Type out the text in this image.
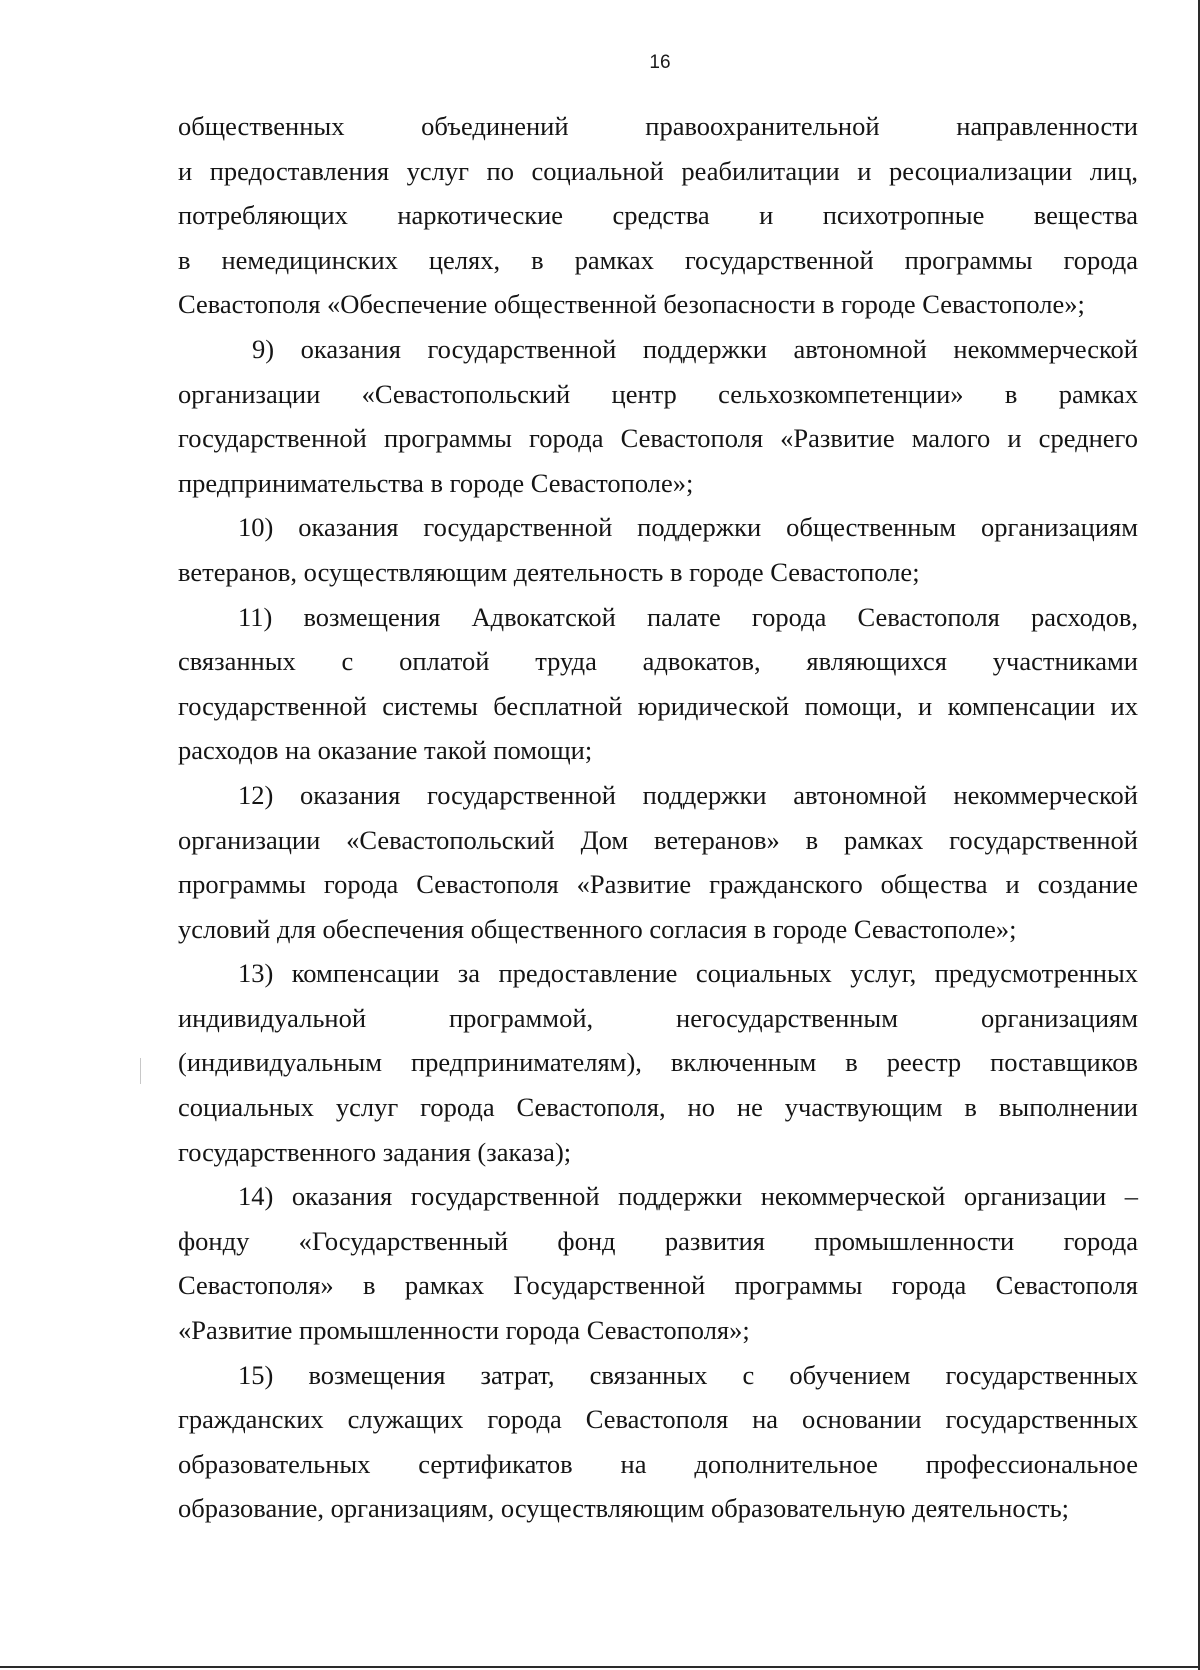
16

общественных объединений правоохранительной направленности
и предоставления услуг по социальной реабилитации и ресоциализации лиц,
потребляющих наркотические средства и психотропные вещества
в немедицинских целях, в рамках государственной программы города
Севастополя «Обеспечение общественной безопасности в городе Севастополе»;

9) оказания государственной поддержки автономной некоммерческой
организации «Севастопольский центр сельхозкомпетенции» в рамках
государственной программы города Севастополя «Развитие малого и среднего
предпринимательства в городе Севастополе»;

10) оказания государственной поддержки общественным организациям
ветеранов, осуществляющим деятельность в городе Севастополе;

11) возмещения Адвокатской палате города Севастополя расходов,
связанных с оплатой труда адвокатов, являющихся участниками
государственной системы бесплатной юридической помощи, и компенсации их
расходов на оказание такой помощи;

12) оказания государственной поддержки автономной некоммерческой
организации «Севастопольский Дом ветеранов» в рамках государственной
программы города Севастополя «Развитие гражданского общества и создание
условий для обеспечения общественного согласия в городе Севастополе»;

13) компенсации за предоставление социальных услуг, предусмотренных
индивидуальной программой, негосударственным организациям
(индивидуальным предпринимателям), включенным в реестр поставщиков
социальных услуг города Севастополя, но не участвующим в выполнении
государственного задания (заказа);

14) оказания государственной поддержки некоммерческой организации –
фонду «Государственный фонд развития промышленности города
Севастополя» в рамках Государственной программы города Севастополя
«Развитие промышленности города Севастополя»;

15) возмещения затрат, связанных с обучением государственных
гражданских служащих города Севастополя на основании государственных
образовательных сертификатов на дополнительное профессиональное
образование, организациям, осуществляющим образовательную деятельность;
